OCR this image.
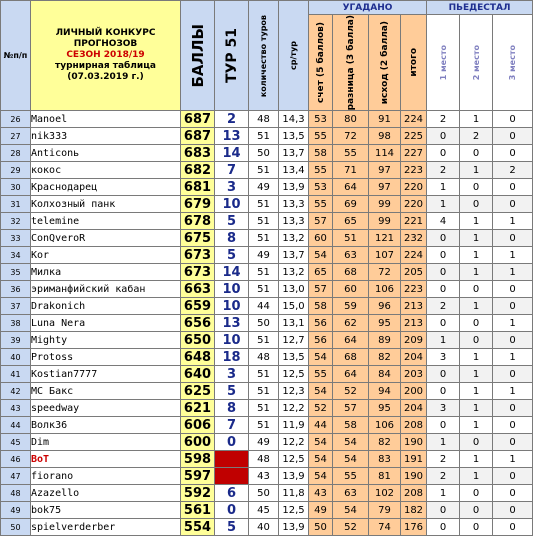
№п/п	ЛИЧНЫЙ КОНКУРС
ПРОГНОЗОВ
СЕЗОН 2018/19
турнирная таблица
(07.03.2019 г.)	БАЛЛЫ	ТУР 51	количество туров	ср/тур	УГАДАНО				ПЬЕДЕСТАЛ		

						счет (5 баллов)	разница (3 балла)	исход (2 балла)	итого	1 место	2 место	3 место

26	Manoel	687	2	48	14,3	53	80	91	224	2	1	0
27	nik333	687	13	51	13,5	55	72	98	225	0	2	0
28	Anticonь	683	14	50	13,7	58	55	114	227	0	0	0
29	кокос	682	7	51	13,4	55	71	97	223	2	1	2
30	Краснодарец	681	3	49	13,9	53	64	97	220	1	0	0
31	Колхозный панк	679	10	51	13,3	55	69	99	220	1	0	0
32	telemine	678	5	51	13,3	57	65	99	221	4	1	1
33	ConQveroR	675	8	51	13,2	60	51	121	232	0	1	0
34	Kor	673	5	49	13,7	54	63	107	224	0	1	1
35	Милка	673	14	51	13,2	65	68	72	205	0	1	1
36	эриманфийский кабан	663	10	51	13,0	57	60	106	223	0	0	0
37	Drakonich	659	10	44	15,0	58	59	96	213	2	1	0
38	Luna Nera	656	13	50	13,1	56	62	95	213	0	0	1
39	Mighty	650	10	51	12,7	56	64	89	209	1	0	0
40	Protoss	648	18	48	13,5	54	68	82	204	3	1	1
41	Kostian7777	640	3	51	12,5	55	64	84	203	0	1	0
42	МС Бакс	625	5	51	12,3	54	52	94	200	0	1	1
43	speedway	621	8	51	12,2	52	57	95	204	3	1	0
44	Волк36	606	7	51	11,9	44	58	106	208	0	1	0
45	Dim	600	0	49	12,2	54	54	82	190	1	0	0
46	BoT	598		48	12,5	54	54	83	191	2	1	1
47	fiorano	597		43	13,9	54	55	81	190	2	1	0
48	Azazello	592	6	50	11,8	43	63	102	208	1	0	0
49	bok75	561	0	45	12,5	49	54	79	182	0	0	0
50	spielverderber	554	5	40	13,9	50	52	74	176	0	0	0
